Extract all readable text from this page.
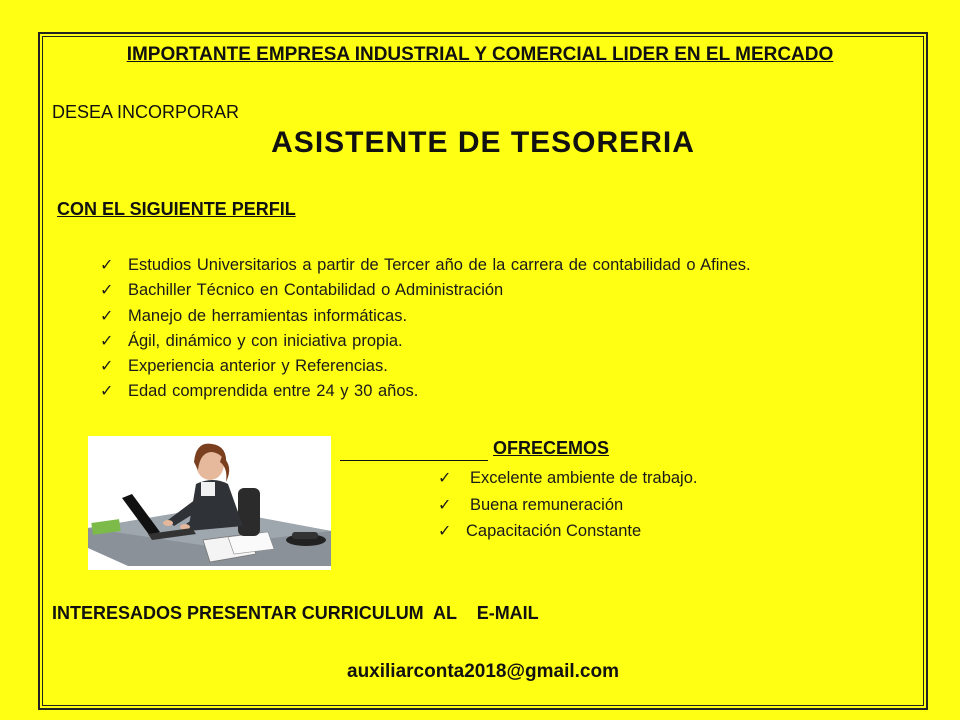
IMPORTANTE EMPRESA INDUSTRIAL Y COMERCIAL LIDER EN EL MERCADO
DESEA INCORPORAR
ASISTENTE DE TESORERIA
CON EL SIGUIENTE PERFIL
✓ Estudios Universitarios a partir de Tercer año de la carrera de contabilidad o Afines.
✓ Bachiller Técnico en Contabilidad o Administración
✓ Manejo de herramientas informáticas.
✓ Ágil, dinámico y con iniciativa propia.
✓ Experiencia anterior y Referencias.
✓ Edad comprendida entre 24 y 30 años.
OFRECEMOS
✓ Excelente ambiente de trabajo.
✓ Buena remuneración
✓ Capacitación Constante
INTERESADOS PRESENTAR CURRICULUM  AL    E-MAIL
auxiliarconta2018@gmail.com
